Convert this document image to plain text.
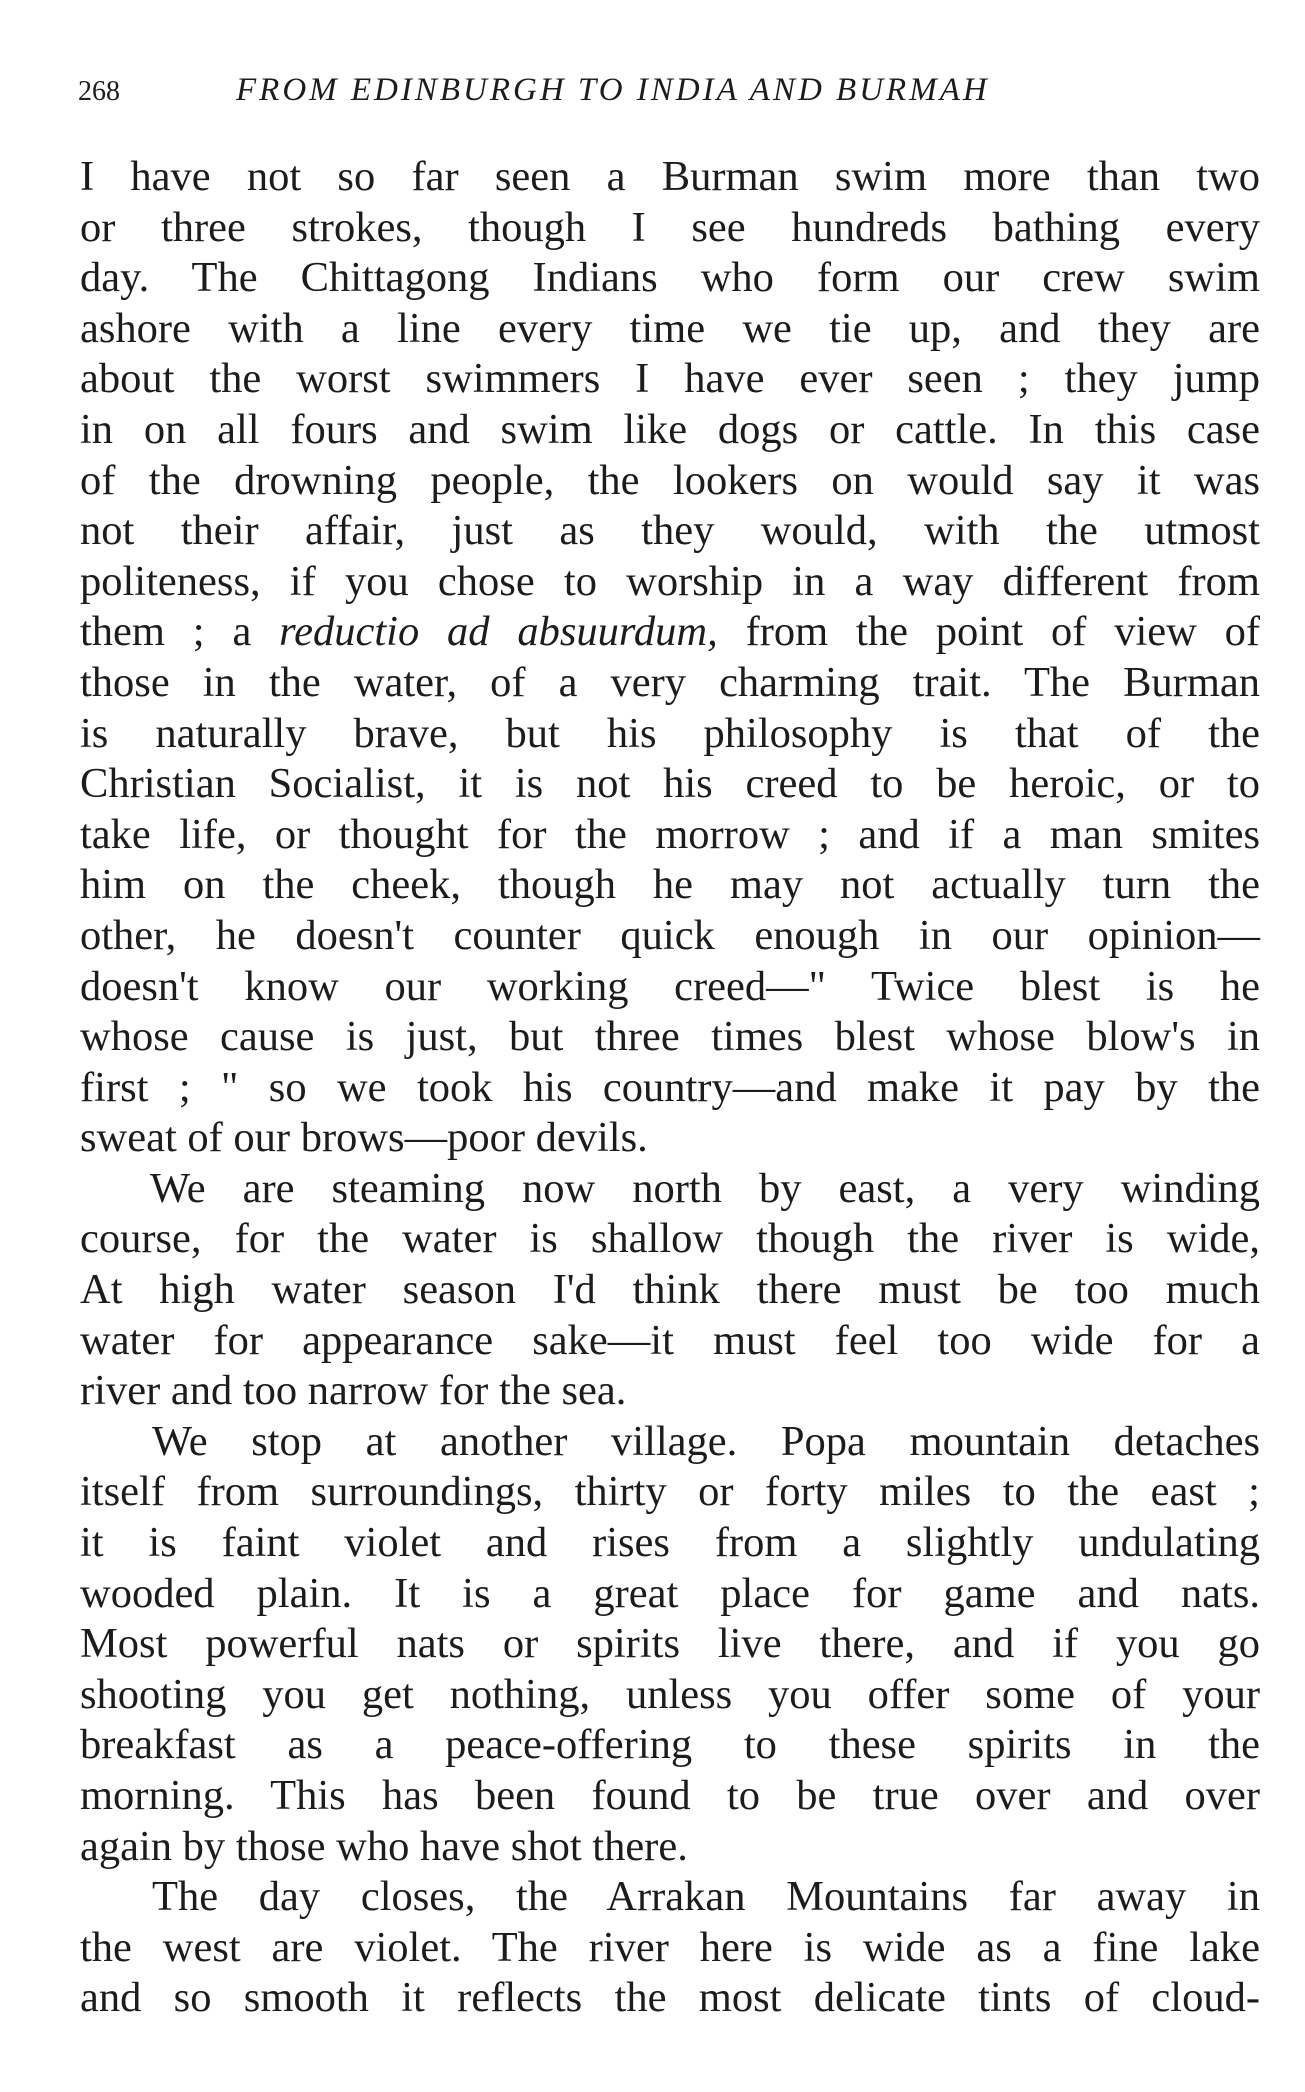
268	FROM EDINBURGH TO INDIA AND BURMAH
I have not so far seen a Burman swim more than two
or three strokes, though I see hundreds bathing every
day. The Chittagong Indians who form our crew swim
ashore with a line every time we tie up, and they are
about the worst swimmers I have ever seen ; they jump
in on all fours and swim like dogs or cattle. In this case
of the drowning people, the lookers on would say it was
not their affair, just as they would, with the utmost
politeness, if you chose to worship in a way different from
them ; a reductio ad absuurdum, from the point of view of
those in the water, of a very charming trait. The Burman
is naturally brave, but his philosophy is that of the
Christian Socialist, it is not his creed to be heroic, or to
take life, or thought for the morrow ; and if a man smites
him on the cheek, though he may not actually turn the
other, he doesn't counter quick enough in our opinion—
doesn't know our working creed—" Twice blest is he
whose cause is just, but three times blest whose blow's in
first ; " so we took his country—and make it pay by the
sweat of our brows—poor devils.
We are steaming now north by east, a very winding
course, for the water is shallow though the river is wide,
At high water season I'd think there must be too much
water for appearance sake—it must feel too wide for a
river and too narrow for the sea.
We stop at another village. Popa mountain detaches
itself from surroundings, thirty or forty miles to the east ;
it is faint violet and rises from a slightly undulating
wooded plain. It is a great place for game and nats.
Most powerful nats or spirits live there, and if you go
shooting you get nothing, unless you offer some of your
breakfast as a peace-offering to these spirits in the
morning. This has been found to be true over and over
again by those who have shot there.
The day closes, the Arrakan Mountains far away in
the west are violet. The river here is wide as a fine lake
and so smooth it reflects the most delicate tints of cloud-
